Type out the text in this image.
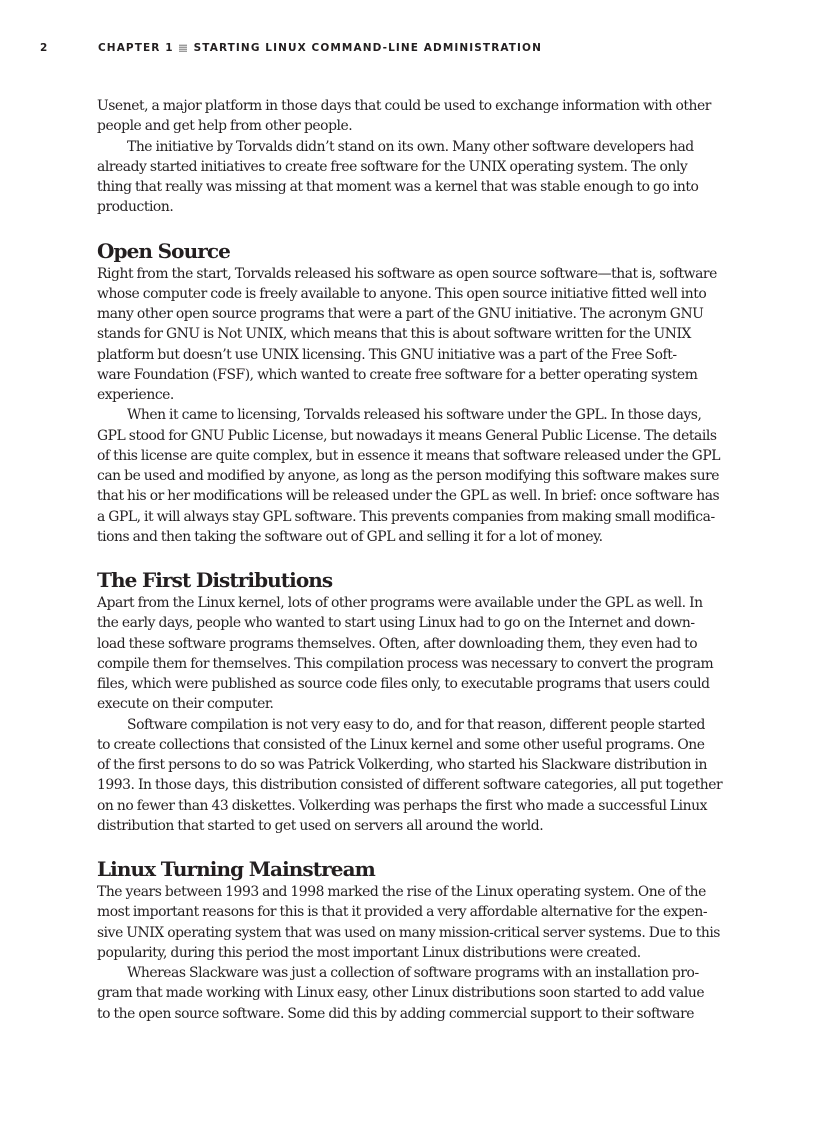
2	CHAPTER 1 STARTING LINUX COMMAND-LINE ADMINISTRATION
Usenet, a major platform in those days that could be used to exchange information with other
people and get help from other people.
The initiative by Torvalds didn’t stand on its own. Many other software developers had
already started initiatives to create free software for the UNIX operating system. The only
thing that really was missing at that moment was a kernel that was stable enough to go into
production.
Open Source
Right from the start, Torvalds released his software as open source software—that is, software
whose computer code is freely available to anyone. This open source initiative fitted well into
many other open source programs that were a part of the GNU initiative. The acronym GNU
stands for GNU is Not UNIX, which means that this is about software written for the UNIX
platform but doesn’t use UNIX licensing. This GNU initiative was a part of the Free Soft-
ware Foundation (FSF), which wanted to create free software for a better operating system
experience.
When it came to licensing, Torvalds released his software under the GPL. In those days,
GPL stood for GNU Public License, but nowadays it means General Public License. The details
of this license are quite complex, but in essence it means that software released under the GPL
can be used and modified by anyone, as long as the person modifying this software makes sure
that his or her modifications will be released under the GPL as well. In brief: once software has
a GPL, it will always stay GPL software. This prevents companies from making small modifica-
tions and then taking the software out of GPL and selling it for a lot of money.
The First Distributions
Apart from the Linux kernel, lots of other programs were available under the GPL as well. In
the early days, people who wanted to start using Linux had to go on the Internet and down-
load these software programs themselves. Often, after downloading them, they even had to
compile them for themselves. This compilation process was necessary to convert the program
files, which were published as source code files only, to executable programs that users could
execute on their computer.
Software compilation is not very easy to do, and for that reason, different people started
to create collections that consisted of the Linux kernel and some other useful programs. One
of the first persons to do so was Patrick Volkerding, who started his Slackware distribution in
1993. In those days, this distribution consisted of different software categories, all put together
on no fewer than 43 diskettes. Volkerding was perhaps the first who made a successful Linux
distribution that started to get used on servers all around the world.
Linux Turning Mainstream
The years between 1993 and 1998 marked the rise of the Linux operating system. One of the
most important reasons for this is that it provided a very affordable alternative for the expen-
sive UNIX operating system that was used on many mission-critical server systems. Due to this
popularity, during this period the most important Linux distributions were created.
Whereas Slackware was just a collection of software programs with an installation pro-
gram that made working with Linux easy, other Linux distributions soon started to add value
to the open source software. Some did this by adding commercial support to their software
